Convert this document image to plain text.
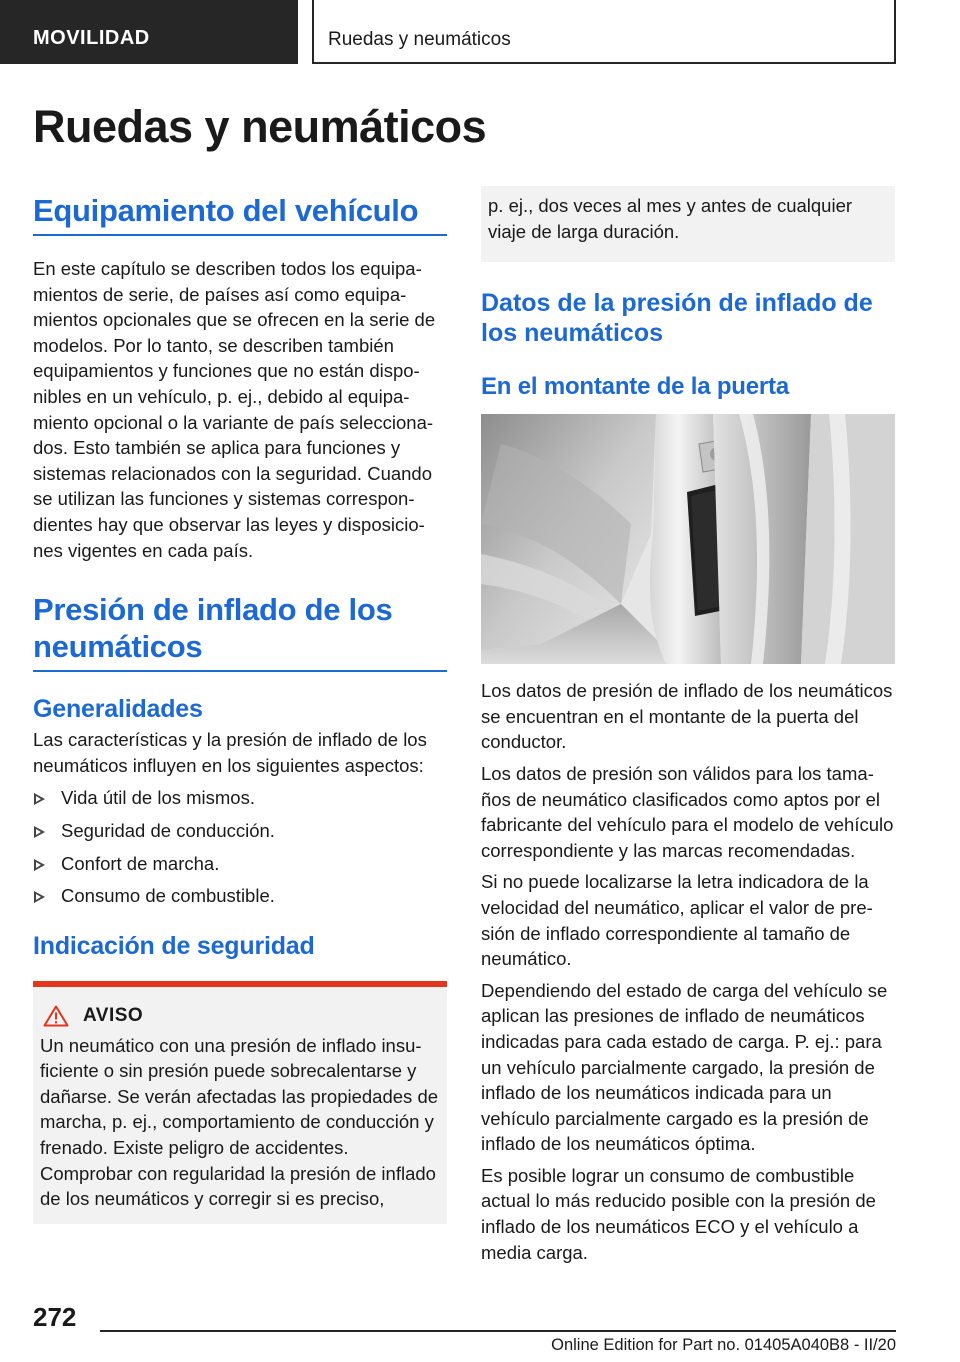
MOVILIDAD	Ruedas y neumáticos
Ruedas y neumáticos
Equipamiento del vehículo

En este capítulo se describen todos los equipamientos de serie, de países así como equipamientos opcionales que se ofrecen en la serie de modelos. Por lo tanto, se describen también equipamientos y funciones que no están disponibles en un vehículo, p. ej., debido al equipamiento opcional o la variante de país seleccionados. Esto también se aplica para funciones y sistemas relacionados con la seguridad. Cuando se utilizan las funciones y sistemas correspondientes hay que observar las leyes y disposiciones vigentes en cada país.

Presión de inflado de los neumáticos
Generalidades

Las características y la presión de inflado de los neumáticos influyen en los siguientes aspectos:

Vida útil de los mismos.
Seguridad de conducción.
Confort de marcha.
Consumo de combustible.
Indicación de seguridad
AVISO

Un neumático con una presión de inflado insuficiente o sin presión puede sobrecalentarse y dañarse. Se verán afectadas las propiedades de marcha, p. ej., comportamiento de conducción y frenado. Existe peligro de accidentes. Comprobar con regularidad la presión de inflado de los neumáticos y corregir si es preciso,

p. ej., dos veces al mes y antes de cualquier viaje de larga duración.

Datos de la presión de inflado de los neumáticos
En el montante de la puerta

Los datos de presión de inflado de los neumáticos se encuentran en el montante de la puerta del conductor.

Los datos de presión son válidos para los tamaños de neumático clasificados como aptos por el fabricante del vehículo para el modelo de vehículo correspondiente y las marcas recomendadas.

Si no puede localizarse la letra indicadora de la velocidad del neumático, aplicar el valor de presión de inflado correspondiente al tamaño de neumático.

Dependiendo del estado de carga del vehículo se aplican las presiones de inflado de neumáticos indicadas para cada estado de carga. P. ej.: para un vehículo parcialmente cargado, la presión de inflado de los neumáticos indicada para un vehículo parcialmente cargado es la presión de inflado de los neumáticos óptima.

Es posible lograr un consumo de combustible actual lo más reducido posible con la presión de inflado de los neumáticos ECO y el vehículo a media carga.

272
Online Edition for Part no. 01405A040B8 - II/20
